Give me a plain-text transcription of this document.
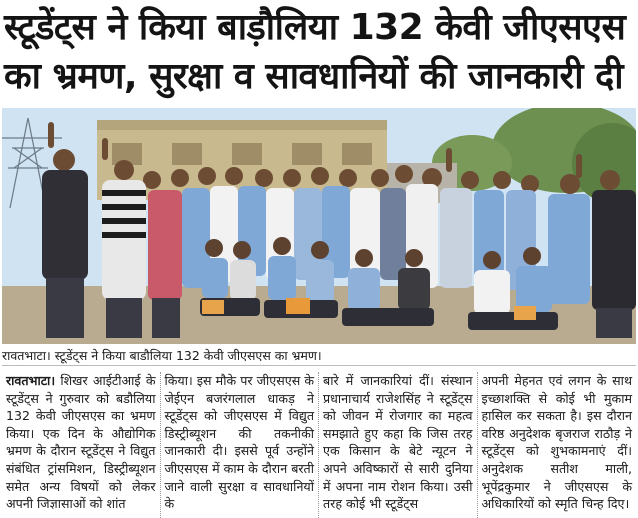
स्टूडेंट्स ने किया बाड़ौलिया 132 केवी जीएसएस
का भ्रमण, सुरक्षा व सावधानियों की जानकारी दी
रावतभाटा। स्टूडेंट्स ने किया बाडौलिया 132 केवी जीएसएस का भ्रमण।
रावतभाटा। शिखर आईटीआई के स्टूडेंट्स ने गुरुवार को बडौलिया 132 केवी जीएसएस का भ्रमण किया। एक दिन के औद्योगिक भ्रमण के दौरान स्टूडेंट्स ने विद्युत संबंधित ट्रांसमिशन, डिस्ट्रीब्यूशन समेत अन्य विषयों को लेकर अपनी जिज्ञासाओं को शांत
किया। इस मौके पर जीएसएस के जेईएन बजरंगलाल धाकड़ ने स्टूडेंट्स को जीएसएस में विद्युत डिस्ट्रीब्यूशन की तकनीकी जानकारी दी। इससे पूर्व उन्होंने जीएसएस में काम के दौरान बरती जाने वाली सुरक्षा व सावधानियों के
बारे में जानकारियां दीं। संस्थान प्रधानाचार्य राजेशसिंह ने स्टूडेंट्स को जीवन में रोजगार का महत्व समझाते हुए कहा कि जिस तरह एक किसान के बेटे न्यूटन ने अपने अविष्कारों से सारी दुनिया में अपना नाम रोशन किया। उसी तरह कोई भी स्टूडेंट्स
अपनी मेहनत एवं लगन के साथ इच्छाशक्ति से कोई भी मुकाम हासिल कर सकता है। इस दौरान वरिष्ठ अनुदेशक बृजराज राठौड़ ने स्टूडेंट्स को शुभकामनाएं दीं। अनुदेशक सतीश माली, भूपेंद्रकुमार ने जीएसएस के अधिकारियों को स्मृति चिन्ह दिए।
